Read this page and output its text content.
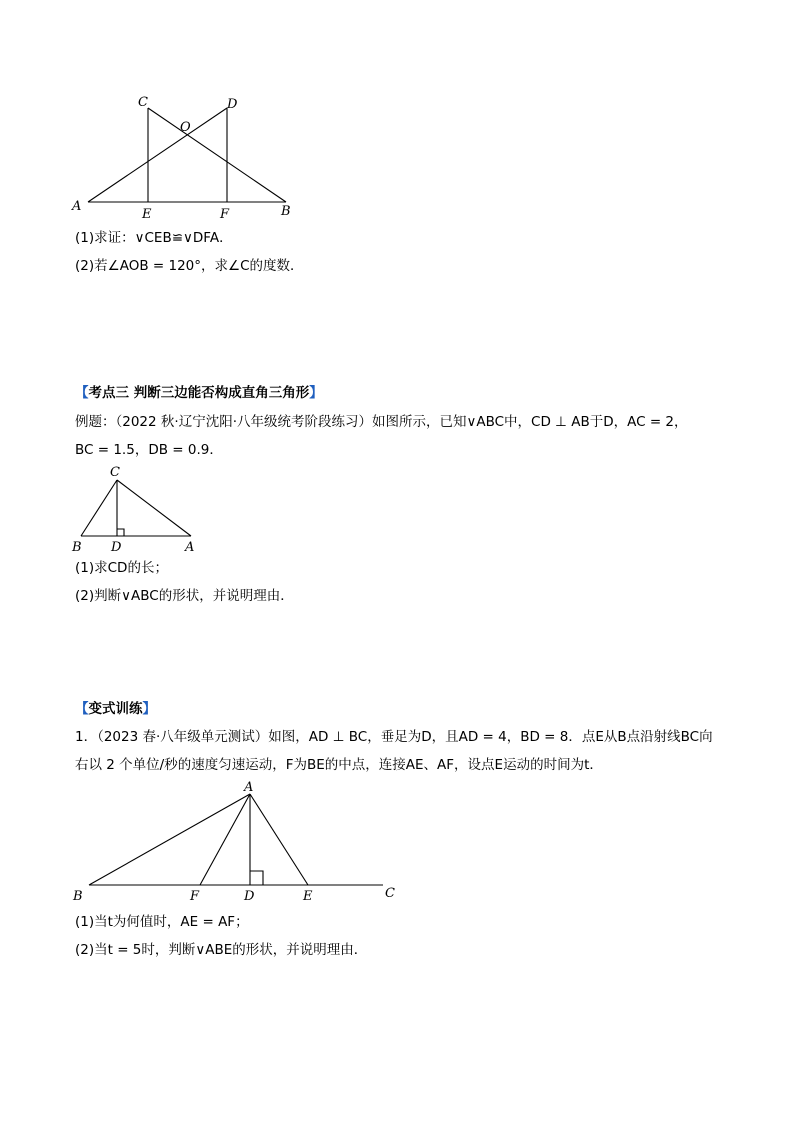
C	D
O
A
E	F	B
(1)求证：∨CEB≌∨DFA．
(2)若∠AOB = 120°，求∠C的度数．
【考点三 判断三边能否构成直角三角形】
例题：（2022 秋·辽宁沈阳·八年级统考阶段练习）如图所示，已知∨ABC中，CD ⊥ AB于D，AC = 2，
BC = 1.5，DB = 0.9．
C
B D	A
(1)求CD的长；
(2)判断∨ABC的形状，并说明理由．
【变式训练】
1．（2023 春·八年级单元测试）如图，AD ⊥ BC，垂足为D，且AD = 4，BD = 8．点E从B点沿射线BC向
右以 2 个单位/秒的速度匀速运动，F为BE的中点，连接AE、AF，设点E运动的时间为t．
A
B	F	D	E	C
(1)当t为何值时，AE = AF；
(2)当t = 5时，判断∨ABE的形状，并说明理由．
